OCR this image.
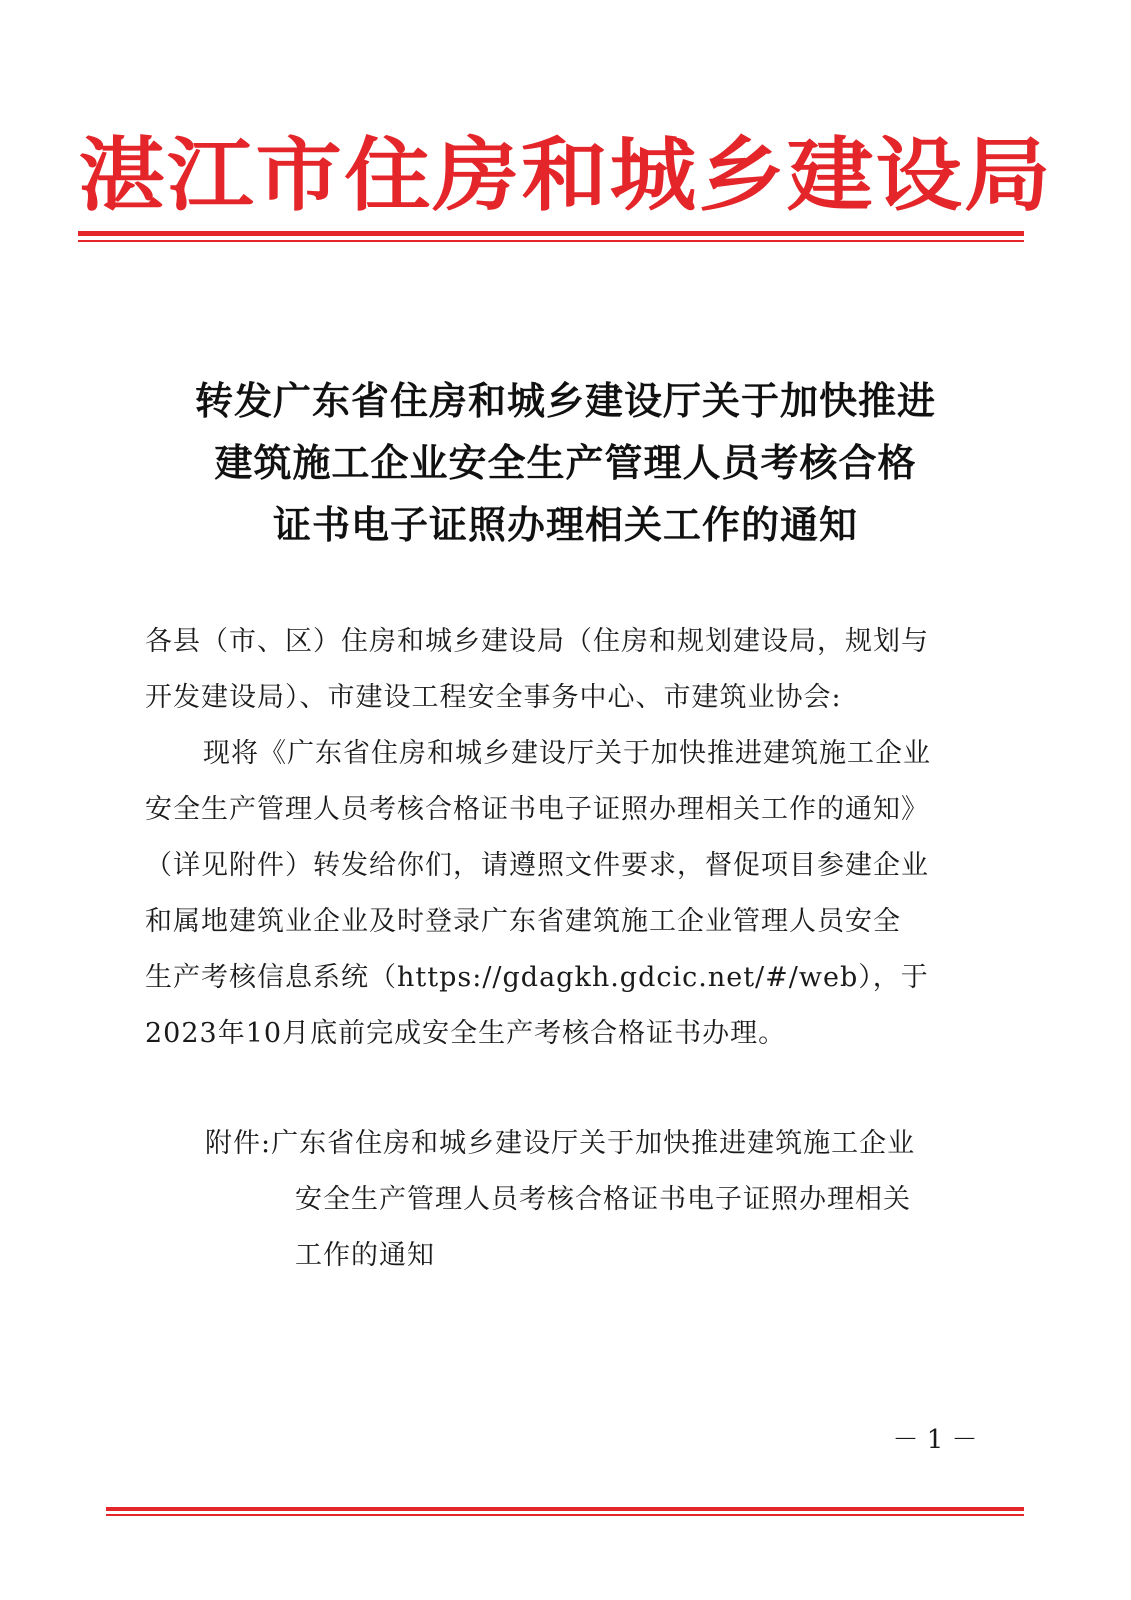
湛江市住房和城乡建设局
转发广东省住房和城乡建设厅关于加快推进
建筑施工企业安全生产管理人员考核合格
证书电子证照办理相关工作的通知
各县（市、区）住房和城乡建设局（住房和规划建设局，规划与
开发建设局）、市建设工程安全事务中心、市建筑业协会:
现将《广东省住房和城乡建设厅关于加快推进建筑施工企业
安全生产管理人员考核合格证书电子证照办理相关工作的通知》
（详见附件）转发给你们，请遵照文件要求，督促项目参建企业
和属地建筑业企业及时登录广东省建筑施工企业管理人员安全
生产考核信息系统（https://gdagkh.gdcic.net/#/web），于
2023年10月底前完成安全生产考核合格证书办理。
附件:广东省住房和城乡建设厅关于加快推进建筑施工企业
安全生产管理人员考核合格证书电子证照办理相关
工作的通知
－ 1 －
